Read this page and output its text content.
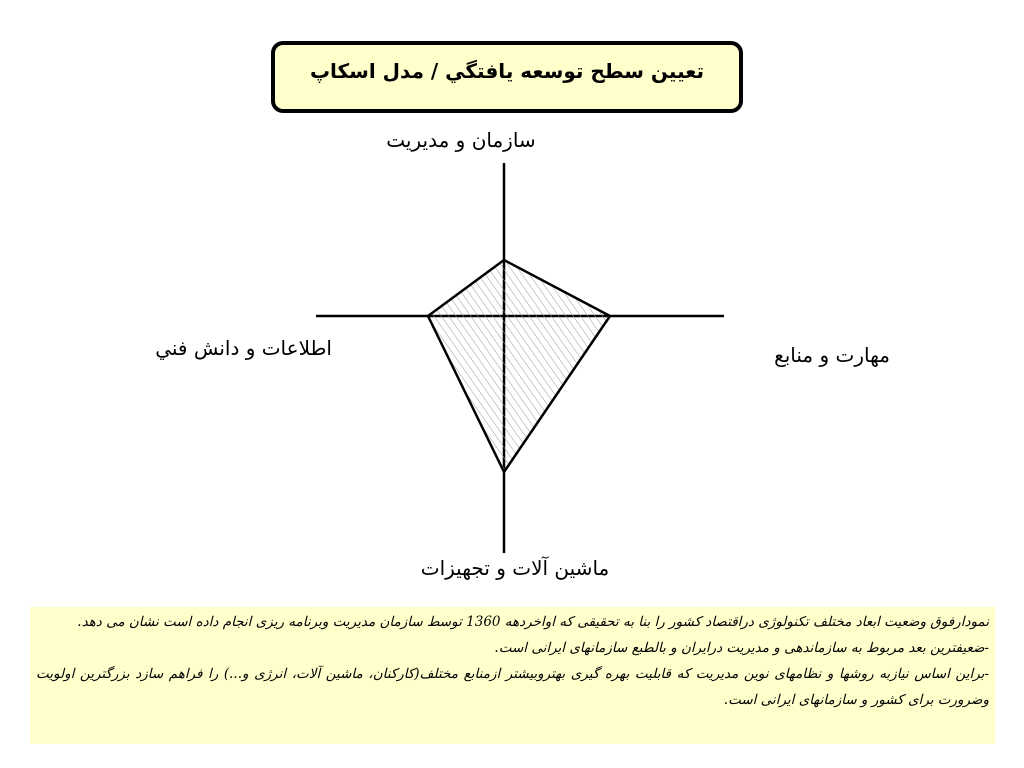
تعيين سطح توسعه يافتگي / مدل اسكاپ
سازمان و مديريت
مهارت و منابع
ماشين آلات و تجهيزات
اطلاعات و دانش فني

نمودارفوق وضعيت ابعاد مختلف تكنولوژی دراقتصاد كشور را بنا به تحقيقی كه اواخردهه 1360 توسط سازمان مديريت وبرنامه ريزی انجام داده است نشان می دهد.

-ضعيفترين بعد مربوط به سازماندهی و مديريت درايران و بالطبع سازمانهای ايرانی است.

-براين اساس نيازبه روشها و نظامهای نوين مديريت كه قابليت بهره گيری بهتروبيشتر ازمنابع مختلف(كاركنان، ماشين آلات، انرژی و...) را فراهم سازد بزرگترين اولويت وضرورت برای كشور و سازمانهای ايرانی است.
